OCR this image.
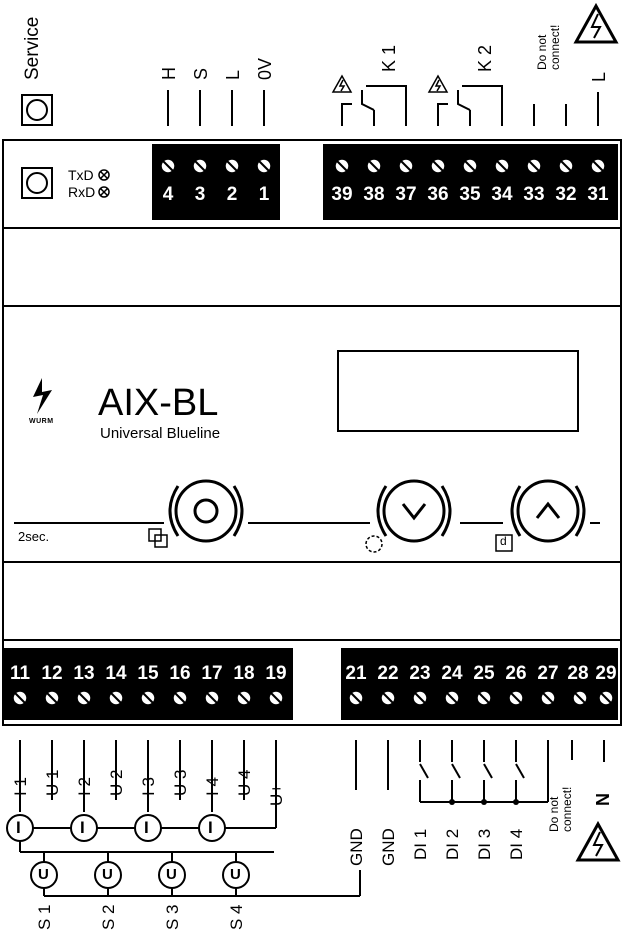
Service
TxD
RxD
H S L 0V
4	3	2	1	39 38 37 36 35 34 33 32 31
K 1	K 2	Do not connect!
L
WURM AIX-BL
Universal Blueline
2sec.	d
11 12 13 14 15 16 17 18 19	21 22 23 24 25 26 27 28 29
I 1 U 1 I 2 U 2 I 3 U 3 I 4 U 4 U+
I	I	I	I
U	U	U	U
S 1	S 2	S 3	S 4
GND GND DI 1 DI 2 DI 3 DI 4
Do not connect! N
